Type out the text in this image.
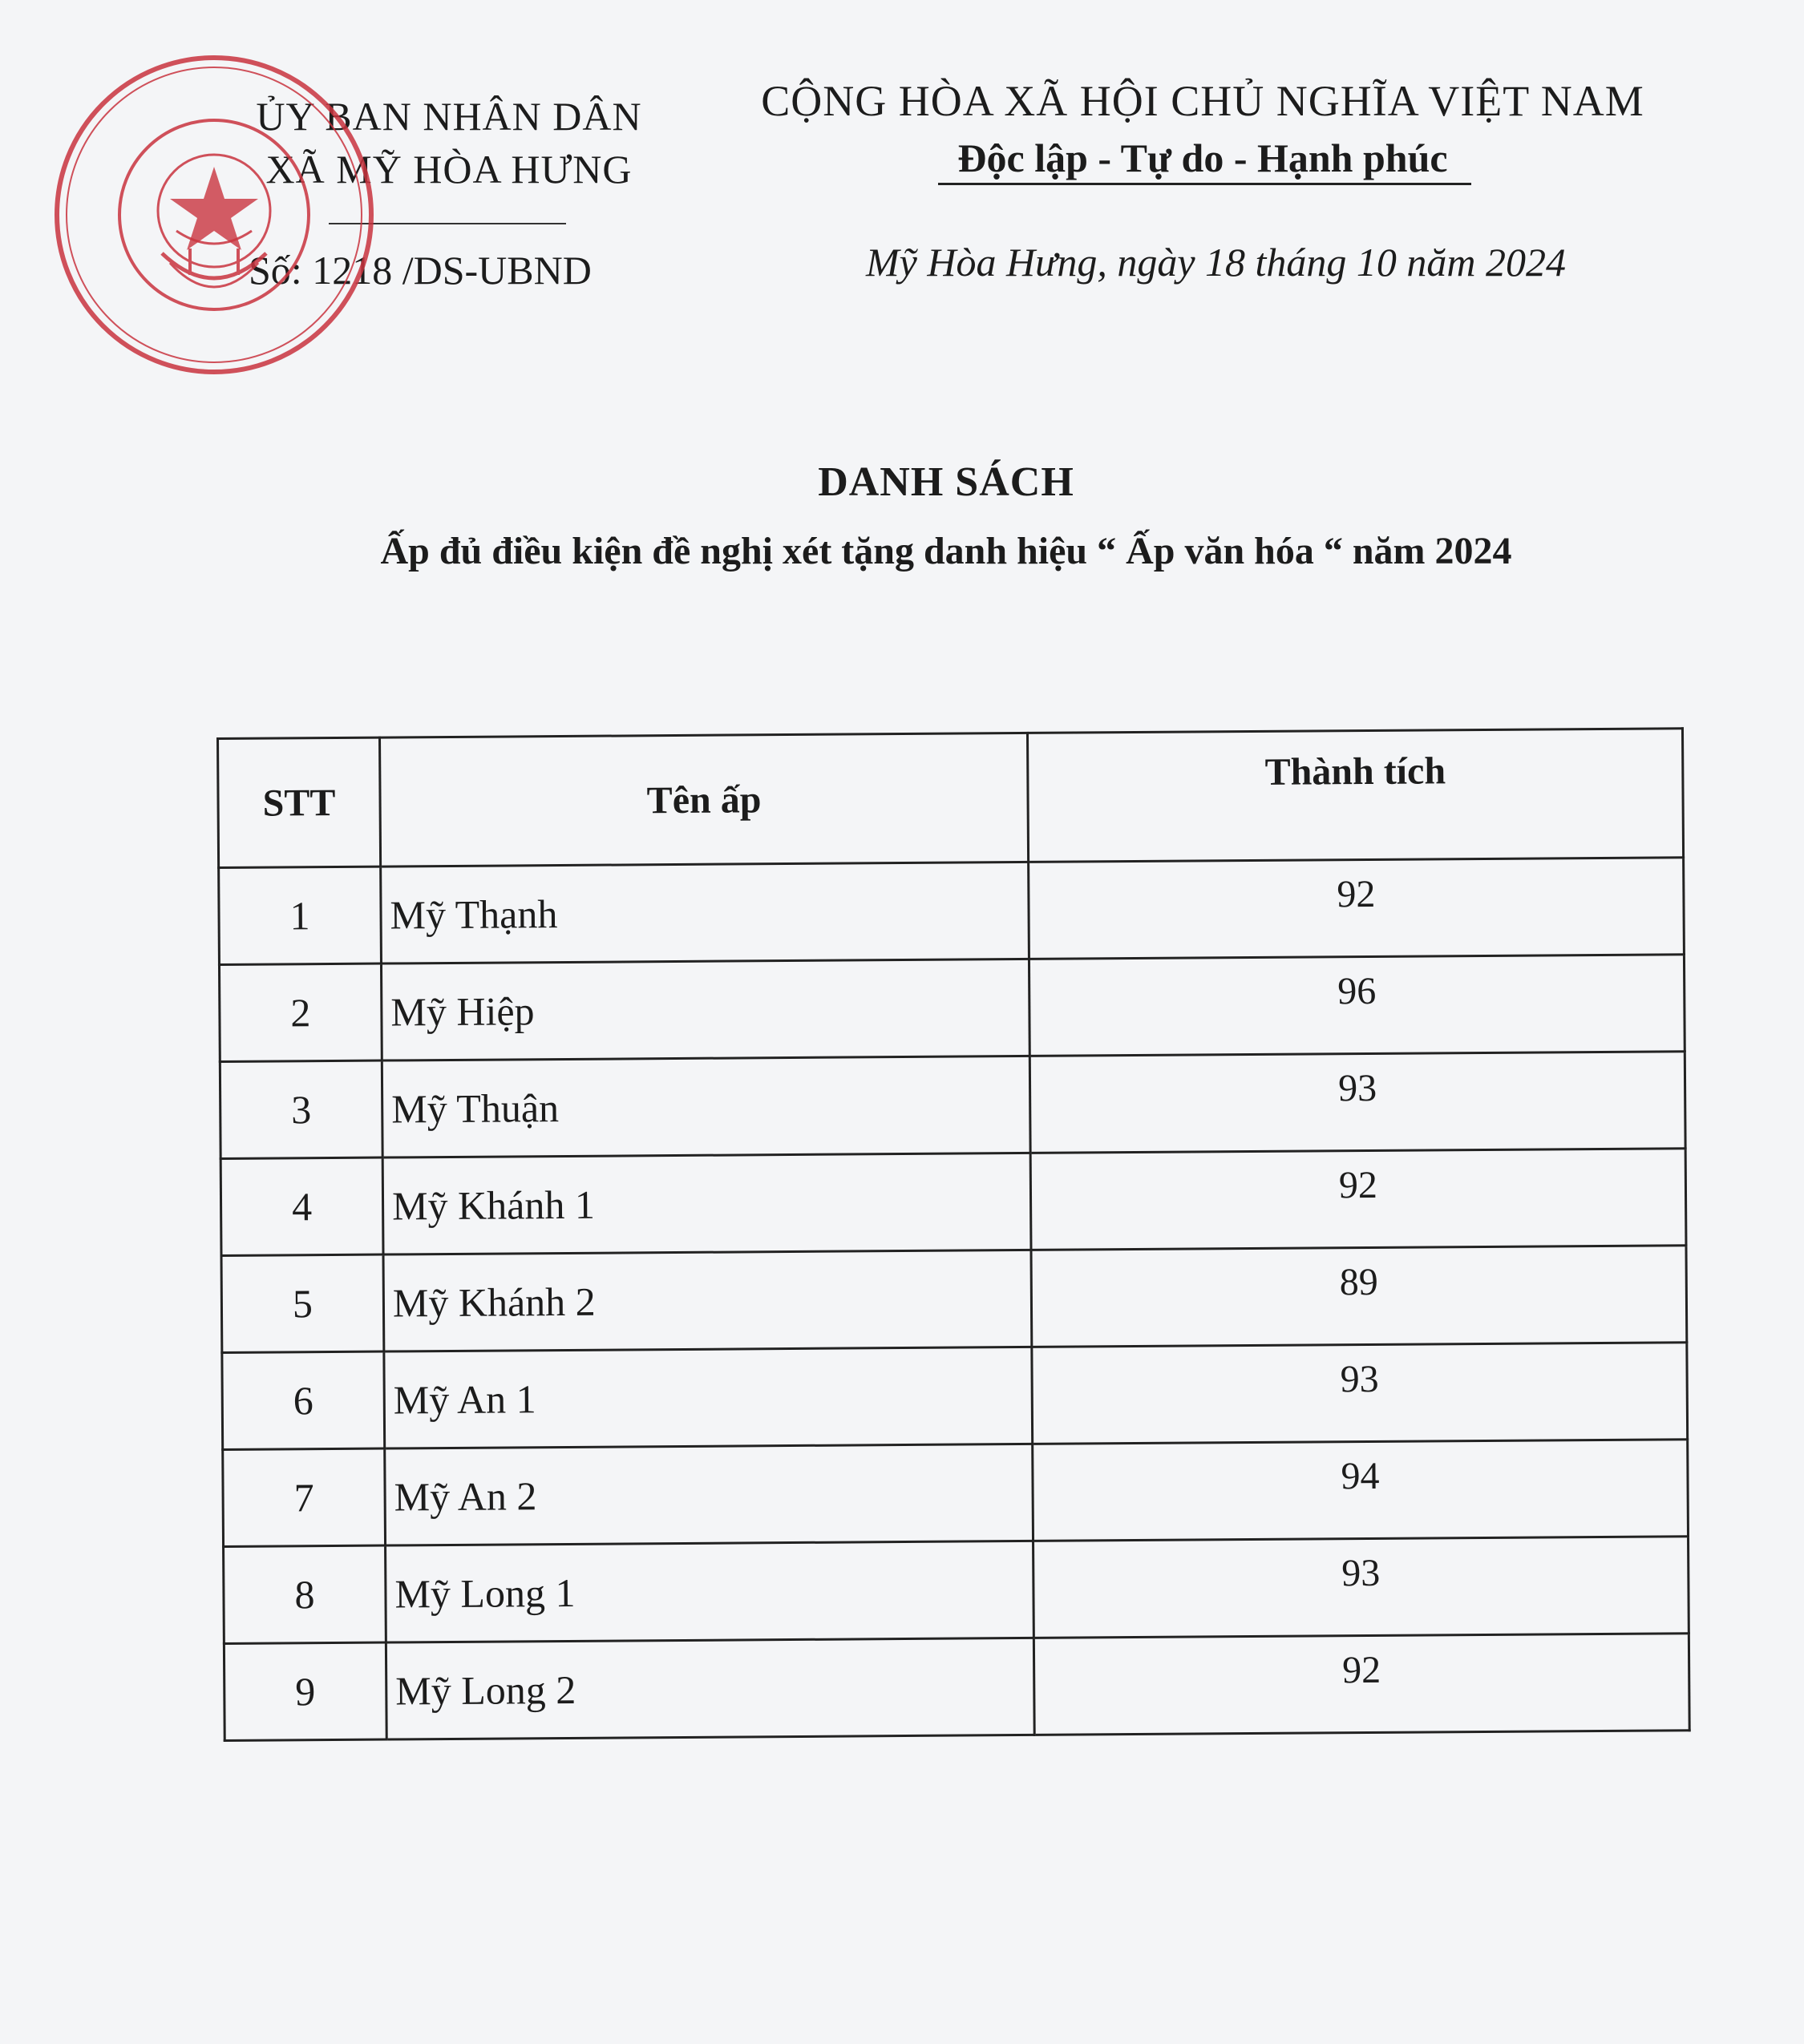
ỦY BAN NHÂN DÂN
XÃ MỸ HÒA HƯNG
Số: 1218 /DS-UBND
CỘNG HÒA XÃ HỘI CHỦ NGHĨA VIỆT NAM
Độc lập - Tự do - Hạnh phúc
Mỹ Hòa Hưng, ngày 18 tháng 10 năm 2024
DANH SÁCH
Ấp đủ điều kiện đề nghị xét tặng danh hiệu “ Ấp văn hóa “ năm 2024
STT	Tên ấp	Thành tích
1	Mỹ Thạnh	92
2	Mỹ Hiệp	96
3	Mỹ Thuận	93
4	Mỹ Khánh 1	92
5	Mỹ Khánh 2	89
6	Mỹ An 1	93
7	Mỹ An 2	94
8	Mỹ Long 1	93
9	Mỹ Long 2	92
